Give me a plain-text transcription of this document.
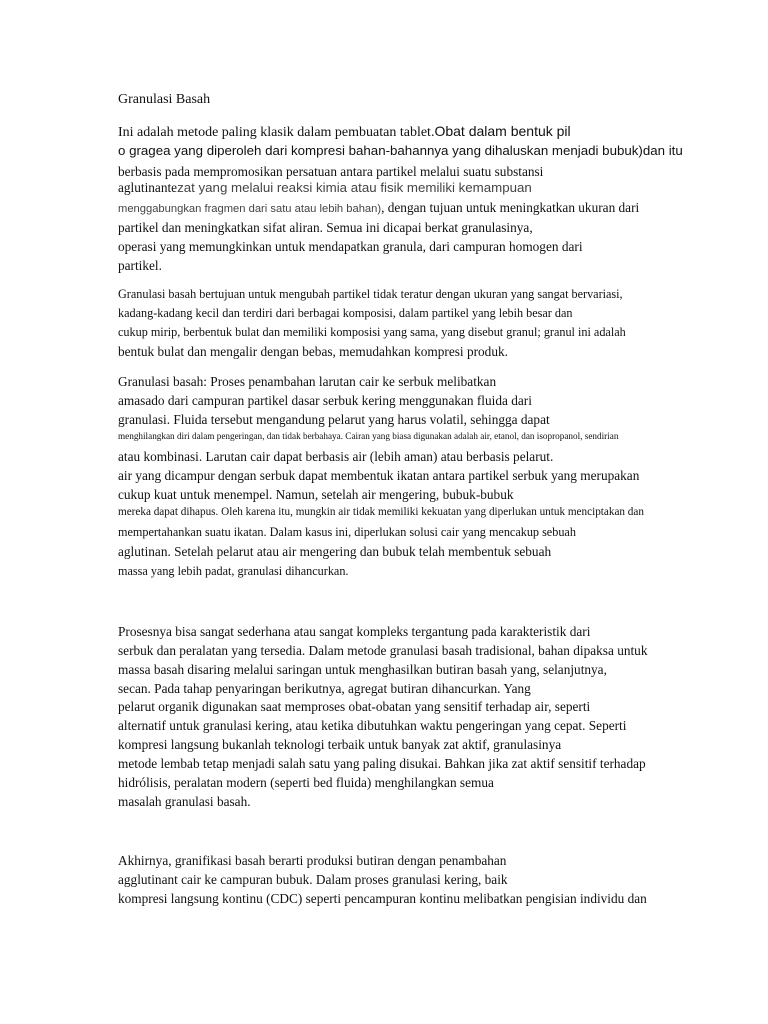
Granulasi Basah
Ini adalah metode paling klasik dalam pembuatan tablet.Obat dalam bentuk pil
o gragea yang diperoleh dari kompresi bahan-bahannya yang dihaluskan menjadi bubuk)dan itu
berbasis pada mempromosikan persatuan antara partikel melalui suatu substansi
aglutinantezat yang melalui reaksi kimia atau fisik memiliki kemampuan
menggabungkan fragmen dari satu atau lebih bahan), dengan tujuan untuk meningkatkan ukuran dari
partikel dan meningkatkan sifat aliran. Semua ini dicapai berkat granulasinya,
operasi yang memungkinkan untuk mendapatkan granula, dari campuran homogen dari
partikel.
Granulasi basah bertujuan untuk mengubah partikel tidak teratur dengan ukuran yang sangat bervariasi,
kadang-kadang kecil dan terdiri dari berbagai komposisi, dalam partikel yang lebih besar dan
cukup mirip, berbentuk bulat dan memiliki komposisi yang sama, yang disebut granul; granul ini adalah
bentuk bulat dan mengalir dengan bebas, memudahkan kompresi produk.
Granulasi basah: Proses penambahan larutan cair ke serbuk melibatkan
amasado dari campuran partikel dasar serbuk kering menggunakan fluida dari
granulasi. Fluida tersebut mengandung pelarut yang harus volatil, sehingga dapat
menghilangkan diri dalam pengeringan, dan tidak berbahaya. Cairan yang biasa digunakan adalah air, etanol, dan isopropanol, sendirian
atau kombinasi. Larutan cair dapat berbasis air (lebih aman) atau berbasis pelarut.
air yang dicampur dengan serbuk dapat membentuk ikatan antara partikel serbuk yang merupakan
cukup kuat untuk menempel. Namun, setelah air mengering, bubuk-bubuk
mereka dapat dihapus. Oleh karena itu, mungkin air tidak memiliki kekuatan yang diperlukan untuk menciptakan dan
mempertahankan suatu ikatan. Dalam kasus ini, diperlukan solusi cair yang mencakup sebuah
aglutinan. Setelah pelarut atau air mengering dan bubuk telah membentuk sebuah
massa yang lebih padat, granulasi dihancurkan.
Prosesnya bisa sangat sederhana atau sangat kompleks tergantung pada karakteristik dari
serbuk dan peralatan yang tersedia. Dalam metode granulasi basah tradisional, bahan dipaksa untuk
massa basah disaring melalui saringan untuk menghasilkan butiran basah yang, selanjutnya,
secan. Pada tahap penyaringan berikutnya, agregat butiran dihancurkan. Yang
pelarut organik digunakan saat memproses obat-obatan yang sensitif terhadap air, seperti
alternatif untuk granulasi kering, atau ketika dibutuhkan waktu pengeringan yang cepat. Seperti
kompresi langsung bukanlah teknologi terbaik untuk banyak zat aktif, granulasinya
metode lembab tetap menjadi salah satu yang paling disukai. Bahkan jika zat aktif sensitif terhadap
hidrólisis, peralatan modern (seperti bed fluida) menghilangkan semua
masalah granulasi basah.
Akhirnya, granifikasi basah berarti produksi butiran dengan penambahan
agglutinant cair ke campuran bubuk. Dalam proses granulasi kering, baik
kompresi langsung kontinu (CDC) seperti pencampuran kontinu melibatkan pengisian individu dan
